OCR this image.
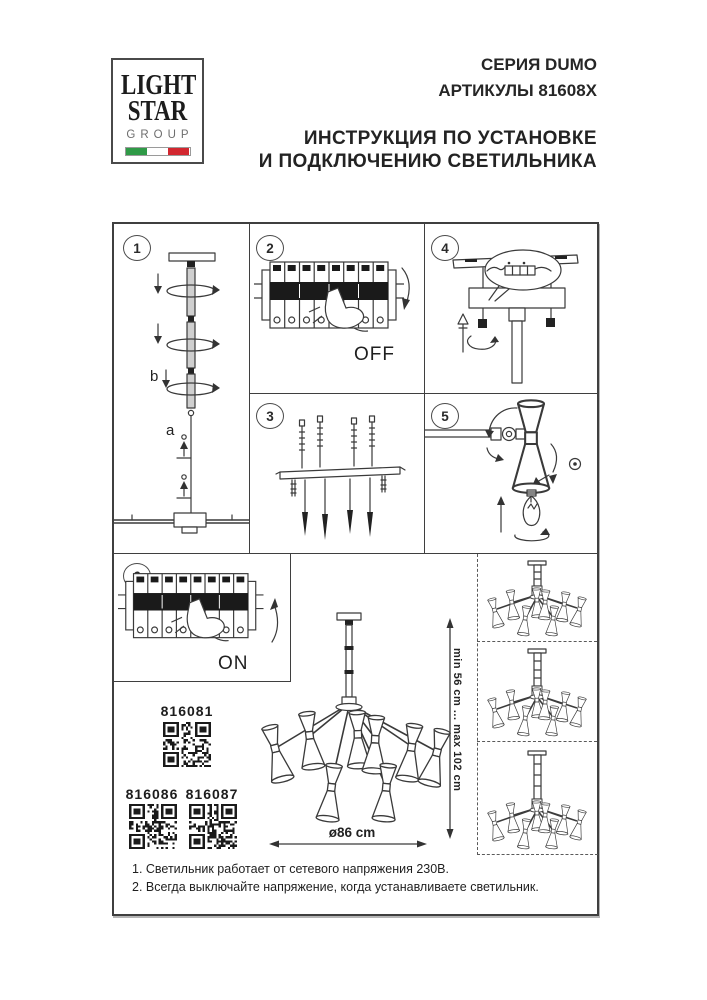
LIGHT
STAR
GROUP
СЕРИЯ DUMO
АРТИКУЛЫ 81608X
ИНСТРУКЦИЯ ПО УСТАНОВКЕ
И ПОДКЛЮЧЕНИЮ СВЕТИЛЬНИКА
1	2
3
4
5
b
a
OFF
ON
816081
816086 816087
min 56 cm ... max 102 cm
ø86 cm
1. Светильник работает от сетевого напряжения 230В.
2. Всегда выключайте напряжение, когда устанавливаете светильник.
